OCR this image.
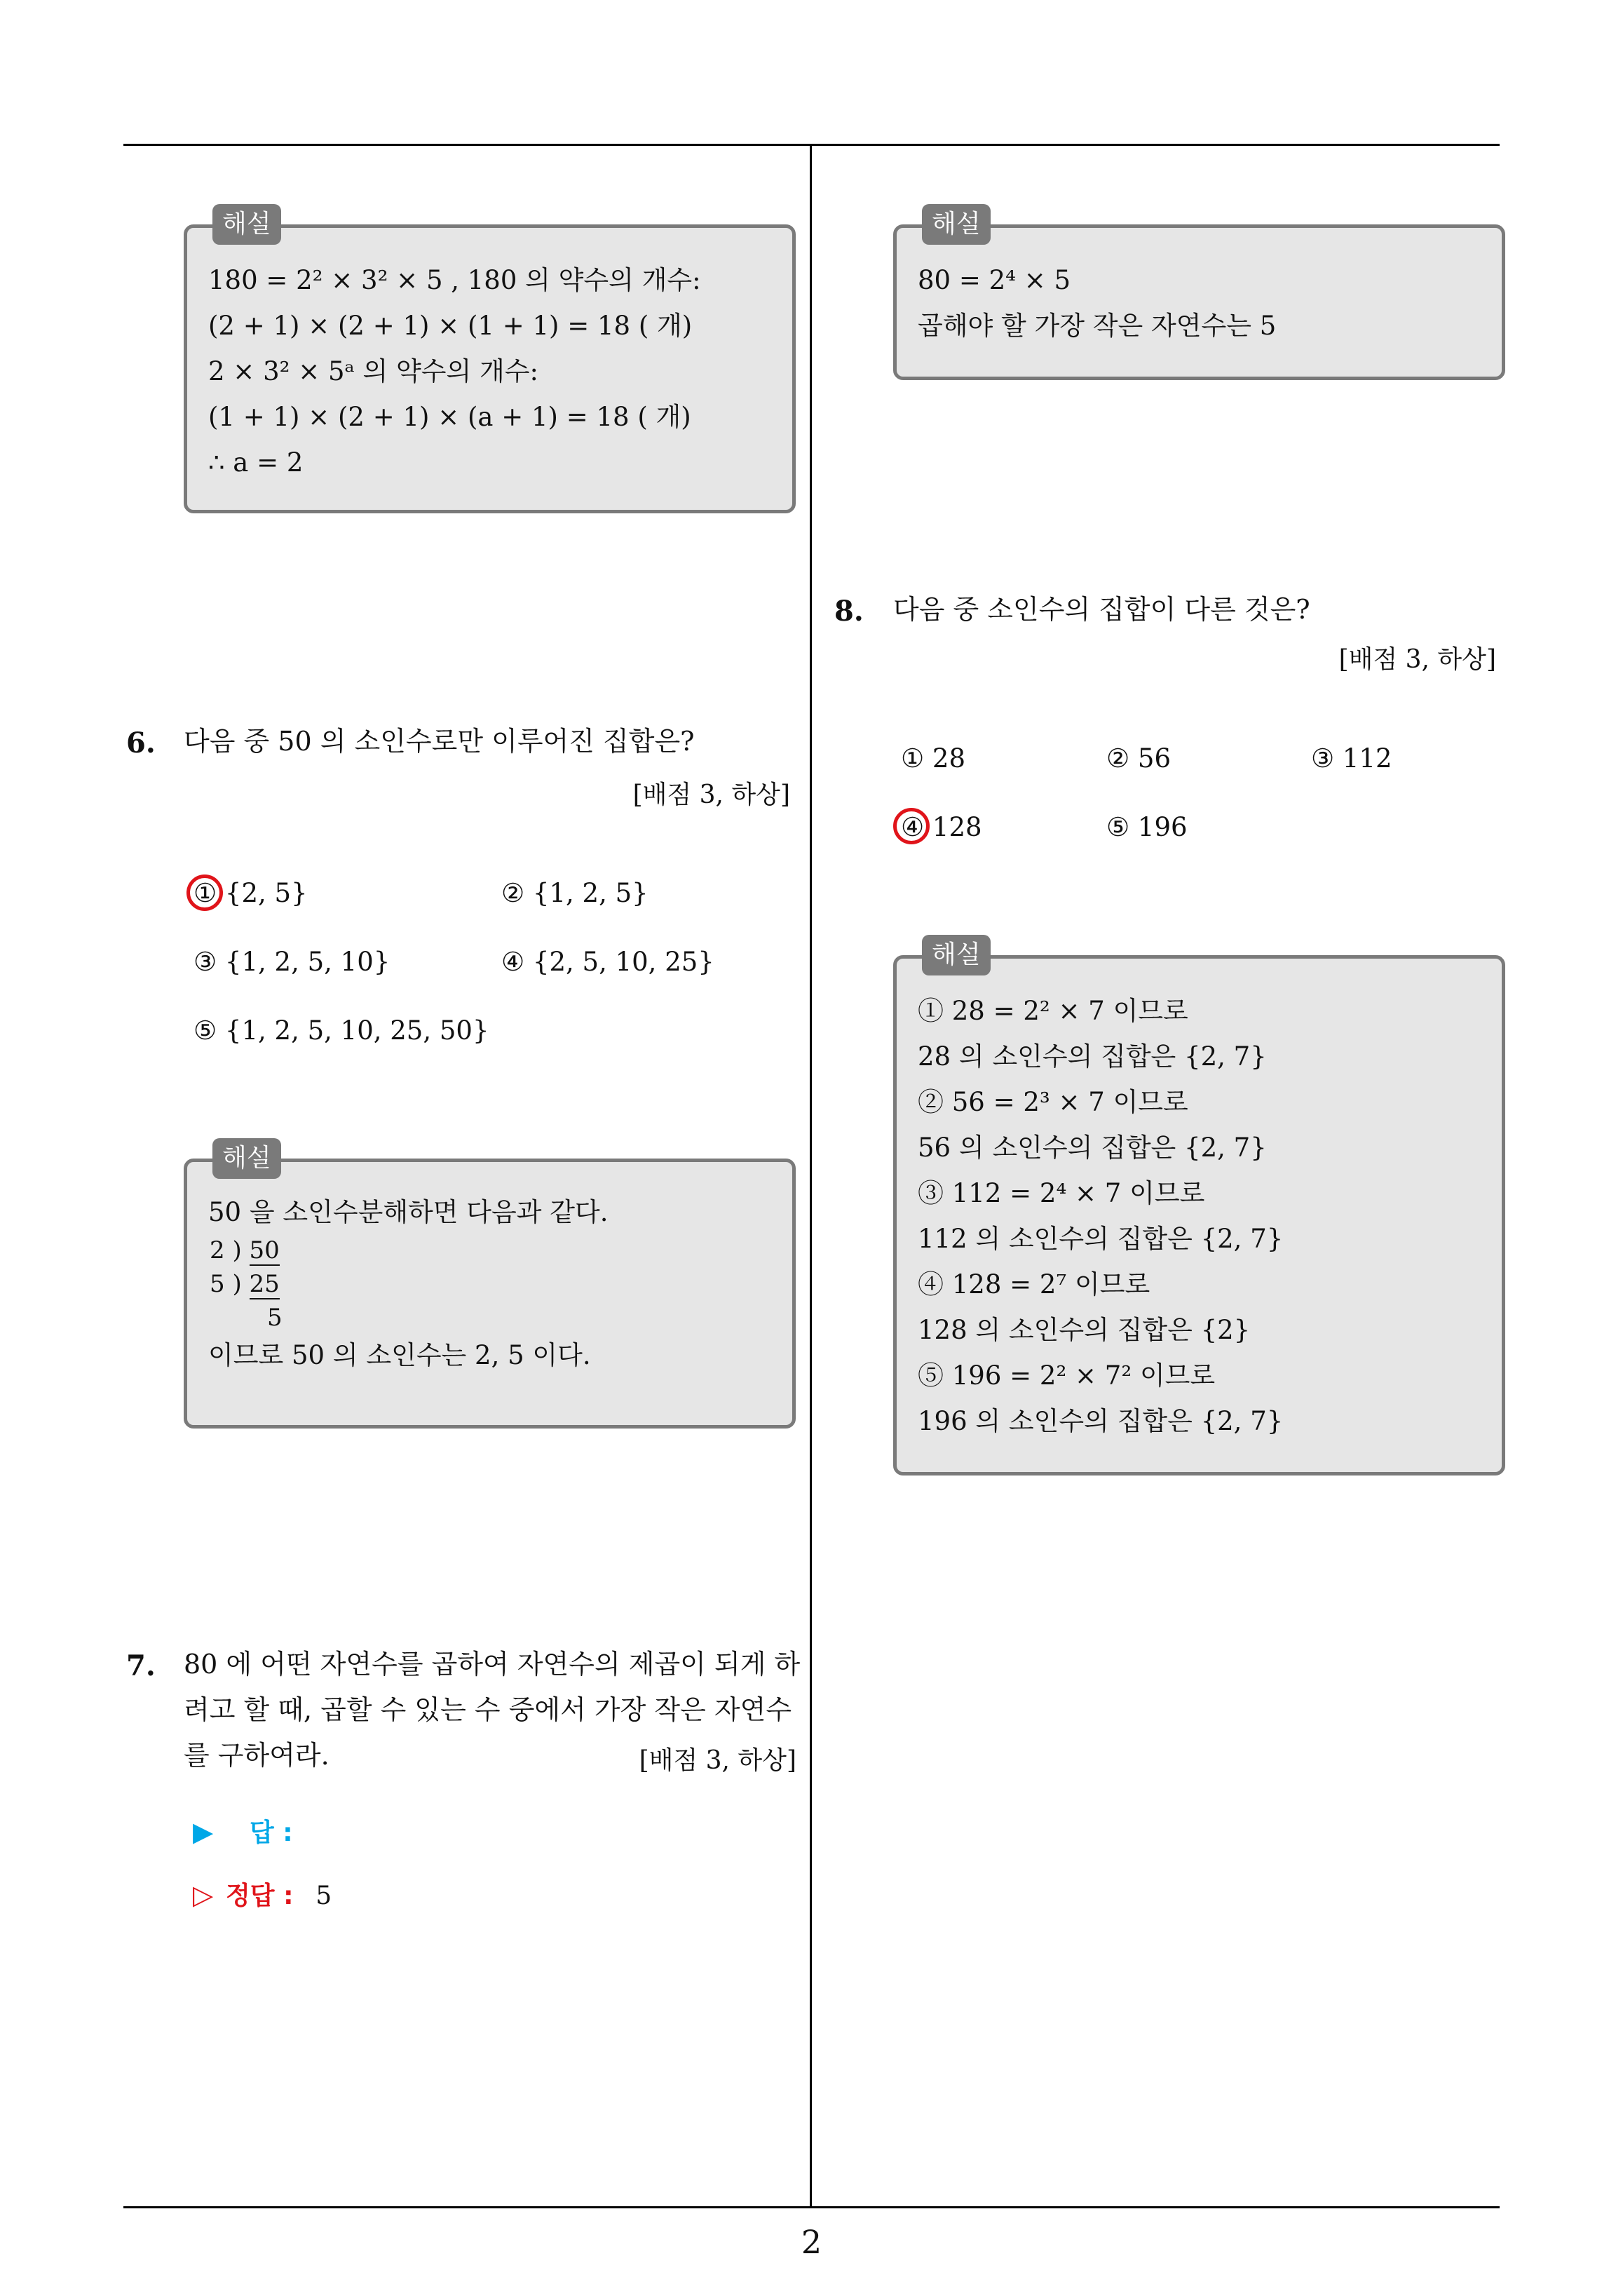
2
해설
180 = 2² × 3² × 5 , 180 의 약수의 개수:
(2 + 1) × (2 + 1) × (1 + 1) = 18 ( 개)
2 × 3² × 5ᵃ 의 약수의 개수:
(1 + 1) × (2 + 1) × (a + 1) = 18 ( 개)
∴ a = 2
6. 다음 중 50 의 소인수로만 이루어진 집합은?
[배점 3, 하상]
① {2, 5}	② {1, 2, 5}
③ {1, 2, 5, 10}	④ {2, 5, 10, 25}
⑤ {1, 2, 5, 10, 25, 50}
해설
50 을 소인수분해하면 다음과 같다.
2 ) 50
5 ) 25
5
이므로 50 의 소인수는 2, 5 이다.
7. 80 에 어떤 자연수를 곱하여 자연수의 제곱이 되게 하
려고 할 때, 곱할 수 있는 수 중에서 가장 작은 자연수
를 구하여라.	[배점 3, 하상]
▶ 답 :
▷ 정답 : 5
해설
80 = 2⁴ × 5
곱해야 할 가장 작은 자연수는 5
8. 다음 중 소인수의 집합이 다른 것은?
[배점 3, 하상]
① 28	② 56	③ 112
④ 128	⑤ 196
해설
① 28 = 2² × 7 이므로
28 의 소인수의 집합은 {2, 7}
② 56 = 2³ × 7 이므로
56 의 소인수의 집합은 {2, 7}
③ 112 = 2⁴ × 7 이므로
112 의 소인수의 집합은 {2, 7}
④ 128 = 2⁷ 이므로
128 의 소인수의 집합은 {2}
⑤ 196 = 2² × 7² 이므로
196 의 소인수의 집합은 {2, 7}
